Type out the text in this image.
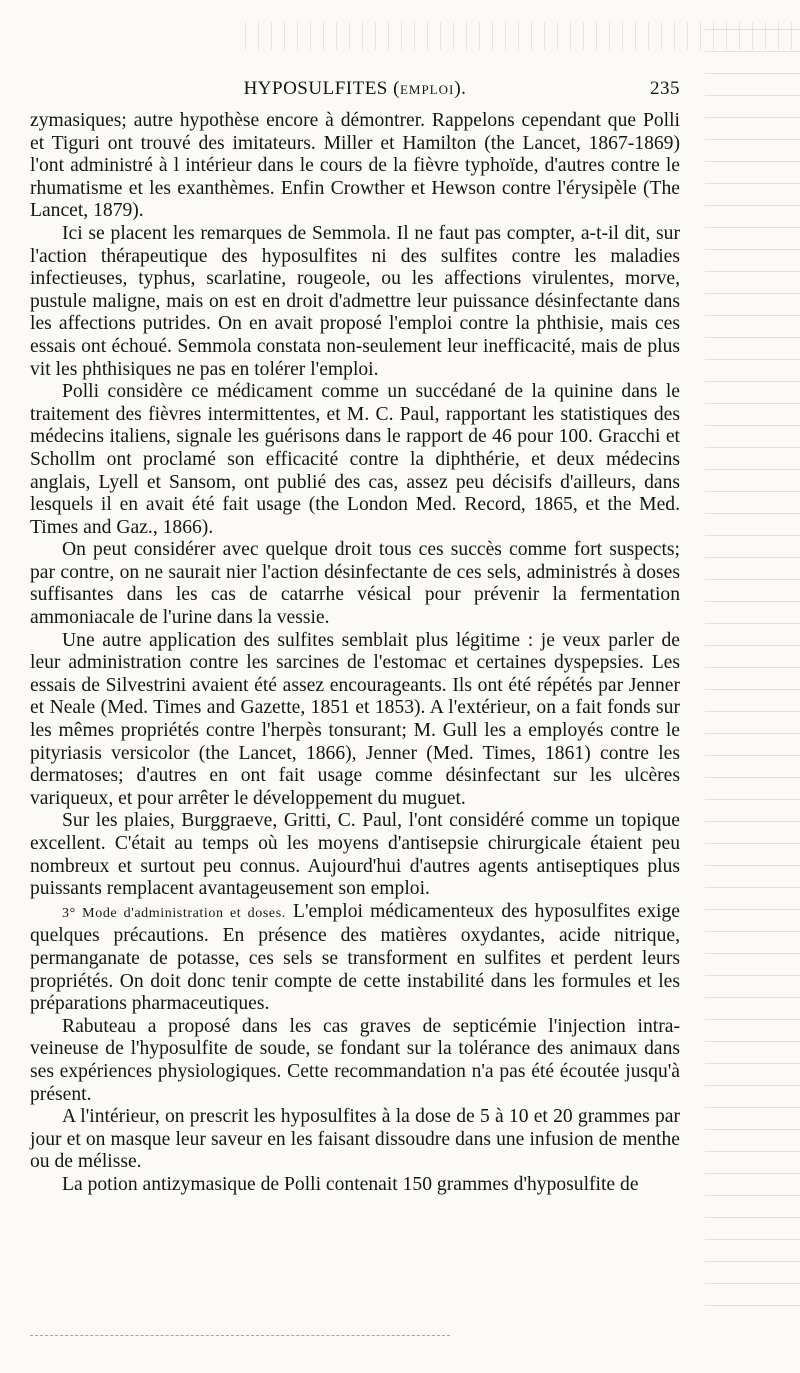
HYPOSULFITES (EMPLOI).	235

zymasiques; autre hypothèse encore à démontrer. Rappelons cependant que Polli et Tiguri ont trouvé des imitateurs. Miller et Hamilton (the Lancet, 1867-1869) l'ont administré à l intérieur dans le cours de la fièvre typhoïde, d'autres contre le rhumatisme et les exanthèmes. Enfin Crowther et Hewson contre l'érysipèle (The Lancet, 1879).

Ici se placent les remarques de Semmola. Il ne faut pas compter, a-t-il dit, sur l'action thérapeutique des hyposulfites ni des sulfites contre les maladies infectieuses, typhus, scarlatine, rougeole, ou les affections virulentes, morve, pustule maligne, mais on est en droit d'admettre leur puissance désinfectante dans les affections putrides. On en avait proposé l'emploi contre la phthisie, mais ces essais ont échoué. Semmola constata non-seulement leur inefficacité, mais de plus vit les phthisiques ne pas en tolérer l'emploi.

Polli considère ce médicament comme un succédané de la quinine dans le traitement des fièvres intermittentes, et M. C. Paul, rapportant les statistiques des médecins italiens, signale les guérisons dans le rapport de 46 pour 100. Gracchi et Schollm ont proclamé son efficacité contre la diphthérie, et deux médecins anglais, Lyell et Sansom, ont publié des cas, assez peu décisifs d'ailleurs, dans lesquels il en avait été fait usage (the London Med. Record, 1865, et the Med. Times and Gaz., 1866).

On peut considérer avec quelque droit tous ces succès comme fort suspects; par contre, on ne saurait nier l'action désinfectante de ces sels, administrés à doses suffisantes dans les cas de catarrhe vésical pour prévenir la fermentation ammoniacale de l'urine dans la vessie.

Une autre application des sulfites semblait plus légitime : je veux parler de leur administration contre les sarcines de l'estomac et certaines dyspepsies. Les essais de Silvestrini avaient été assez encourageants. Ils ont été répétés par Jenner et Neale (Med. Times and Gazette, 1851 et 1853). A l'extérieur, on a fait fonds sur les mêmes propriétés contre l'herpès tonsurant; M. Gull les a employés contre le pityriasis versicolor (the Lancet, 1866), Jenner (Med. Times, 1861) contre les dermatoses; d'autres en ont fait usage comme désinfectant sur les ulcères variqueux, et pour arrêter le développement du muguet.

Sur les plaies, Burggraeve, Gritti, C. Paul, l'ont considéré comme un topique excellent. C'était au temps où les moyens d'antisepsie chirurgicale étaient peu nombreux et surtout peu connus. Aujourd'hui d'autres agents antiseptiques plus puissants remplacent avantageusement son emploi.

3° Mode d'administration et doses. L'emploi médicamenteux des hyposulfites exige quelques précautions. En présence des matières oxydantes, acide nitrique, permanganate de potasse, ces sels se transforment en sulfites et perdent leurs propriétés. On doit donc tenir compte de cette instabilité dans les formules et les préparations pharmaceutiques.

Rabuteau a proposé dans les cas graves de septicémie l'injection intra-veineuse de l'hyposulfite de soude, se fondant sur la tolérance des animaux dans ses expériences physiologiques. Cette recommandation n'a pas été écoutée jusqu'à présent.

A l'intérieur, on prescrit les hyposulfites à la dose de 5 à 10 et 20 grammes par jour et on masque leur saveur en les faisant dissoudre dans une infusion de menthe ou de mélisse.

La potion antizymasique de Polli contenait 150 grammes d'hyposulfite de
